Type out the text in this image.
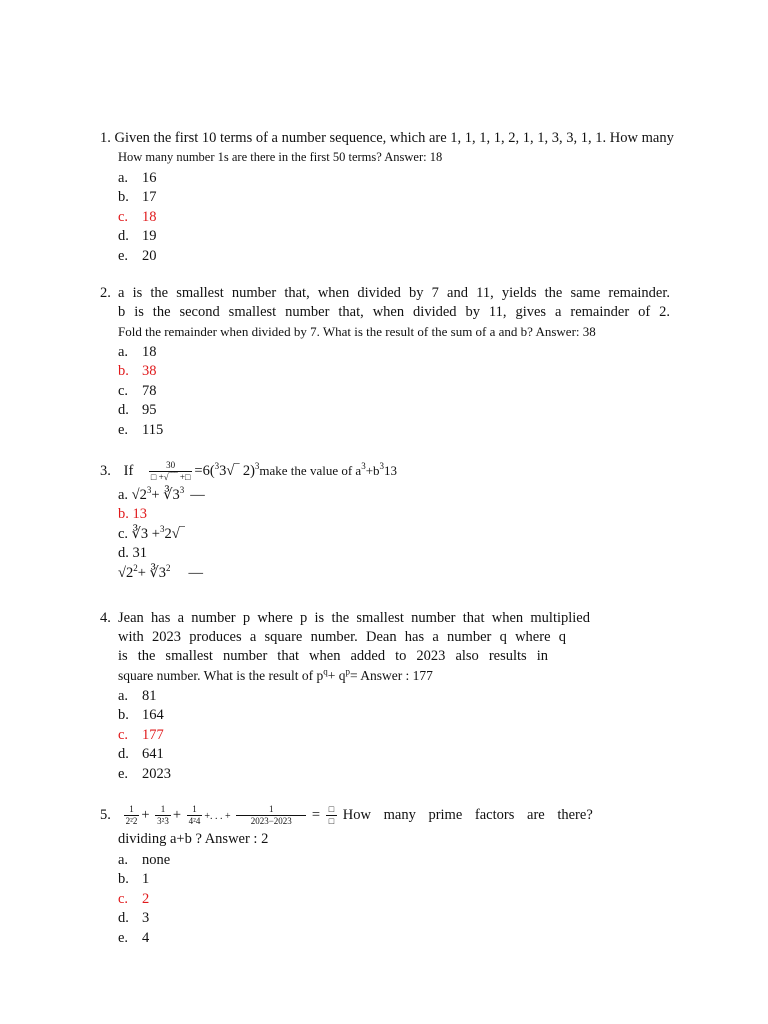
1. Given the first 10 terms of a number sequence, which are 1, 1, 1, 1, 2, 1, 1, 3, 3, 1, 1. How many
How many number 1s are there in the first 50 terms? Answer: 18
a. 16
b. 17
c. 18
d. 19
e. 20
2. a is the smallest number that, when divided by 7 and 11, yields the same remainder.
b is the second smallest number that, when divided by 11, gives a remainder of 2.
Fold the remainder when divided by 7. What is the result of the sum of a and b? Answer: 38
a. 18
b. 38
c. 78
d. 95
e. 115
3. If $\frac{30}{□ +√‾‾‾ +□}$ =6($^3$3√‾ 2)$^3$make the value of $a^3+b^313$
a. $√2^3+$ $∛3^3$ —
b. 13
c. ∛3 +$^3$2√‾
d. 31
$√2^2+$ $∛3^2$ —
4. Jean has a number p where p is the smallest number that when multiplied
with 2023 produces a square number. Dean has a number q where q
is the smallest number that when added to 2023 also results in
square number. What is the result of $p^q+ q^p=$ Answer : 177
a. 81
b. 164
c. 177
d. 641
e. 2023
5. $\frac{1}{\text{2²2}} + \frac{1}{\text{3²3}} + \frac{1}{\text{4²4}}$ +. . . + $\frac{1}{2023-2023} = \frac{□}{□}$ How many prime factors are there?
dividing a+b ? Answer : 2
a. none
b. 1
c. 2
d. 3
e. 4
